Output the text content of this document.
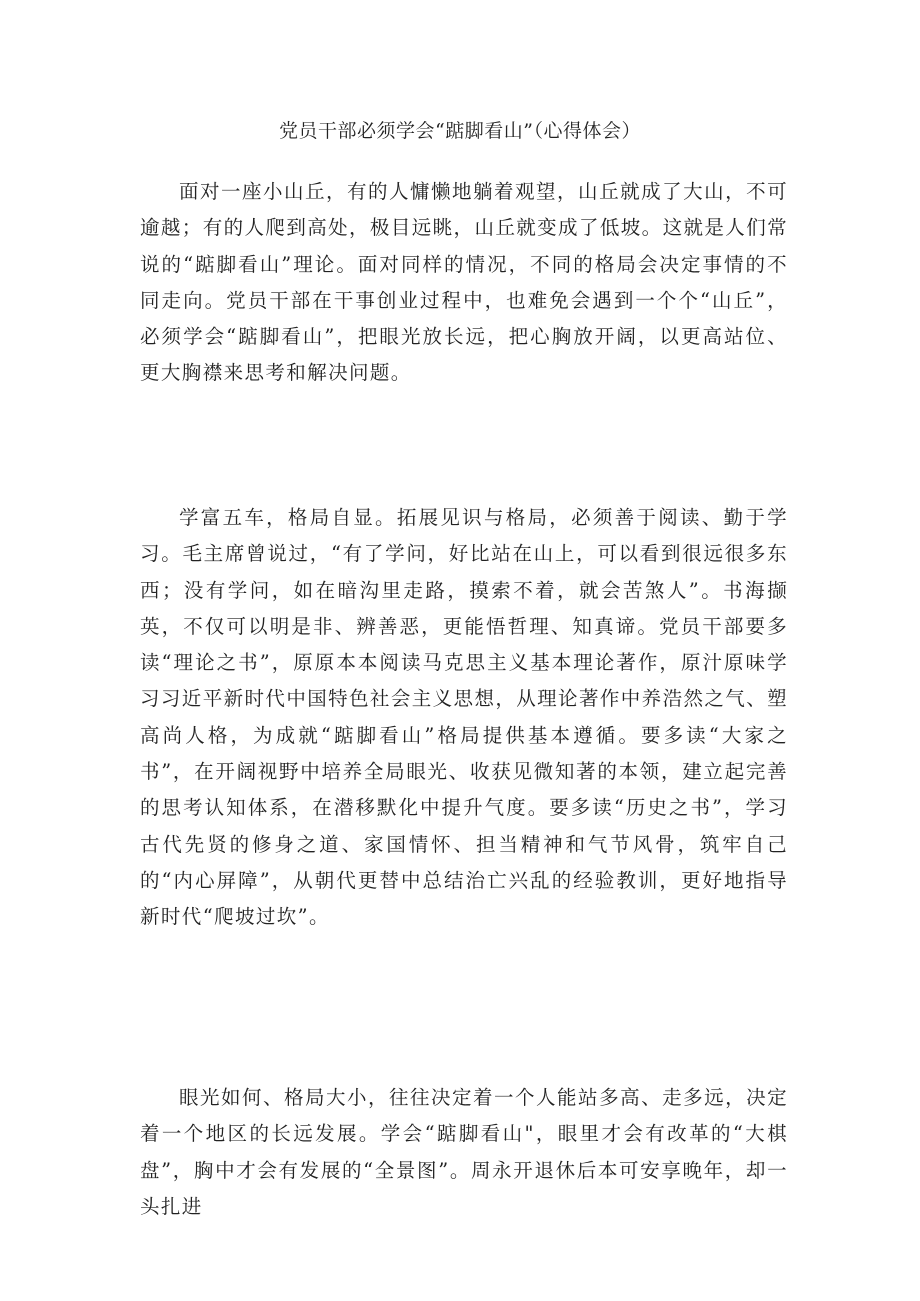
党员干部必须学会“踮脚看山”（心得体会）

面对一座小山丘，有的人慵懒地躺着观望，山丘就成了大山，不可逾越；有的人爬到高处，极目远眺，山丘就变成了低坡。这就是人们常说的“踮脚看山”理论。面对同样的情况，不同的格局会决定事情的不同走向。党员干部在干事创业过程中，也难免会遇到一个个“山丘”，必须学会“踮脚看山”，把眼光放长远，把心胸放开阔，以更高站位、更大胸襟来思考和解决问题。

学富五车，格局自显。拓展见识与格局，必须善于阅读、勤于学习。毛主席曾说过，“有了学问，好比站在山上，可以看到很远很多东西；没有学问，如在暗沟里走路，摸索不着，就会苦煞人”。书海撷英，不仅可以明是非、辨善恶，更能悟哲理、知真谛。党员干部要多读“理论之书”，原原本本阅读马克思主义基本理论著作，原汁原味学习习近平新时代中国特色社会主义思想，从理论著作中养浩然之气、塑高尚人格，为成就“踮脚看山”格局提供基本遵循。要多读“大家之书”，在开阔视野中培养全局眼光、收获见微知著的本领，建立起完善的思考认知体系，在潜移默化中提升气度。要多读“历史之书”，学习古代先贤的修身之道、家国情怀、担当精神和气节风骨，筑牢自己的“内心屏障”，从朝代更替中总结治亡兴乱的经验教训，更好地指导新时代“爬坡过坎”。

眼光如何、格局大小，往往决定着一个人能站多高、走多远，决定着一个地区的长远发展。学会“踮脚看山"，眼里才会有改革的“大棋盘”，胸中才会有发展的“全景图”。周永开退休后本可安享晚年，却一头扎进
